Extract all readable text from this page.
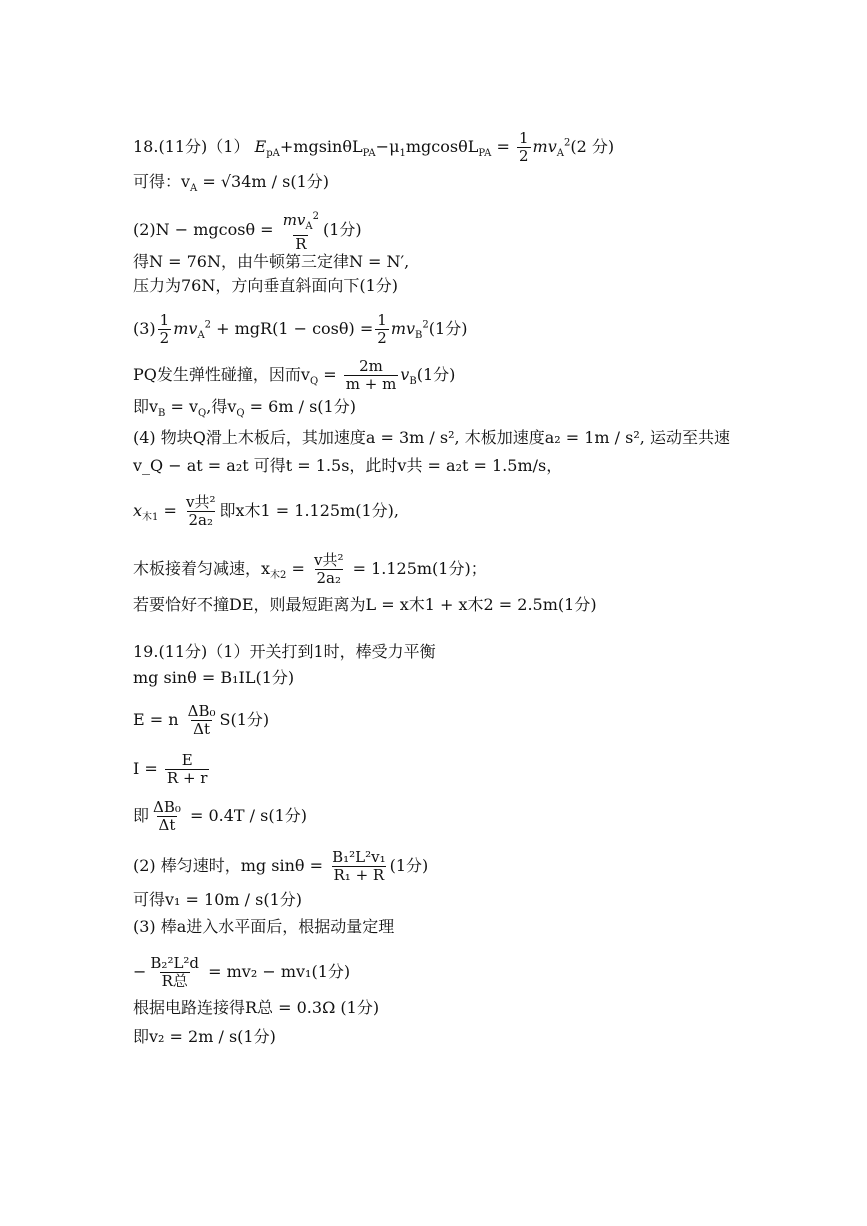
18.(11分)（1） $E_{pA}+mgsin\theta L_{PA}-\mu_1mgcos\theta L_{PA} = \frac{1}{2} mv_A^2(2$ 分)
可得：$v_A = √34m / s(1$分)
$(2)N - mgcos\theta = \frac{mv_A^2}{R} (1$分)
得N = 76N，由牛顿第三定律N = N′,
压力为76N，方向垂直斜面向下(1分)
$(3) \frac{1}{2} mv_A^2 + mgR(1 - \cos\theta) = \frac{1}{2} mv_B^2(1$分)
PQ发生弹性碰撞，因而$v_Q = \frac{2m}{m + m} v_B(1$分)
即$v_B = v_Q$,得$v_Q = 6m / s(1$分)
(4) 物块Q滑上木板后，其加速度a = 3m / s², 木板加速度a₂ = 1m / s², 运动至共速
v_Q − at = a₂t 可得t = 1.5s，此时v共 = a₂t = 1.5m/s，
$x_{木1} = \frac{\text{v共²}}{\text{2a₂}}$ 即x木1 = 1.125m(1分),
木板接着匀减速，$x_{木2} = \frac{\text{v共²}}{\text{2a₂}} = 1.125m(1$分)；
若要恰好不撞DE，则最短距离为L = x木1 + x木2 = 2.5m(1分)
19.(11分)（1）开关打到1时，棒受力平衡
mg sinθ = B₁IL(1分)
E = n $\frac{\text{ΔB₀}}{\Delta t} S(1$分)
$I = \frac{E}{R + r}$
即 $\frac{\text{ΔB₀}}{\Delta t} = 0.4T / s(1$分)
(2) 棒匀速时，mg $\sin\theta = \frac{\text{B₁²L²v₁}}{\text{R₁ + R}} (1$分)
可得v₁ = 10m / s(1分)
(3) 棒a进入水平面后，根据动量定理
− $\frac{\text{B₂²L²d}}{\text{R总}} = mv_2 - mv_1(1$分)
根据电路连接得R总 = 0.3Ω (1分)
即v₂ = 2m / s(1分)
